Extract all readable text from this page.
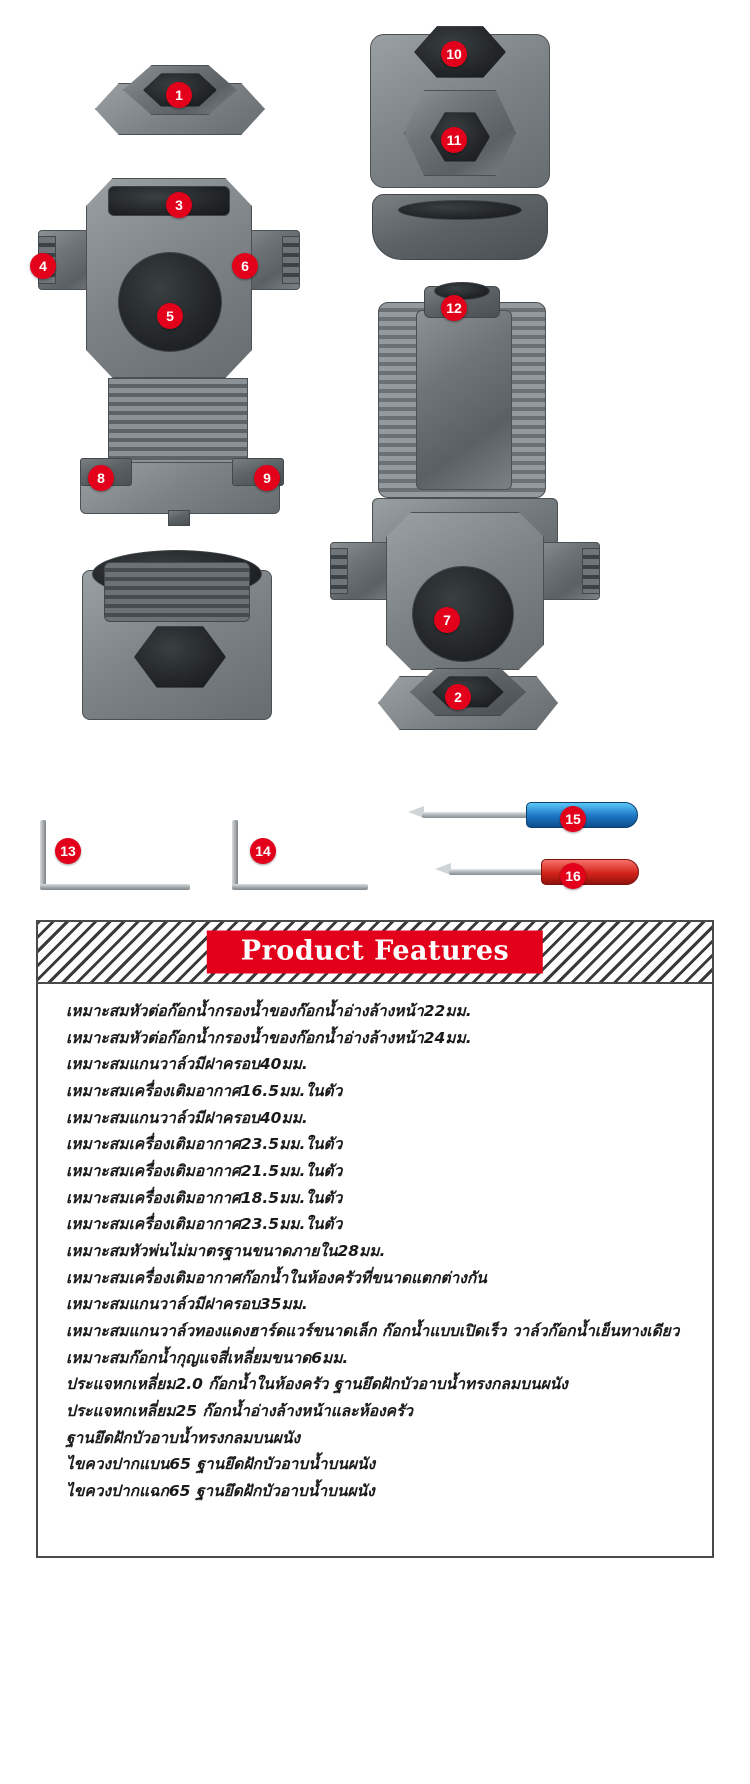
Product Features
เหมาะสมหัวต่อก๊อกน้ำกรองน้ำของก๊อกน้ำอ่างล้างหน้า22มม.
เหมาะสมหัวต่อก๊อกน้ำกรองน้ำของก๊อกน้ำอ่างล้างหน้า24มม.
เหมาะสมแกนวาล์วมีฝาครอบ40มม.
เหมาะสมเครื่องเติมอากาศ16.5มม.ในตัว
เหมาะสมแกนวาล์วมีฝาครอบ40มม.
เหมาะสมเครื่องเติมอากาศ23.5มม.ในตัว
เหมาะสมเครื่องเติมอากาศ21.5มม.ในตัว
เหมาะสมเครื่องเติมอากาศ18.5มม.ในตัว
เหมาะสมเครื่องเติมอากาศ23.5มม.ในตัว
เหมาะสมหัวพ่นไม่มาตรฐานขนาดภายใน28มม.
เหมาะสมเครื่องเติมอากาศก๊อกน้ำในห้องครัวที่ขนาดแตกต่างกัน
เหมาะสมแกนวาล์วมีฝาครอบ35มม.
เหมาะสมแกนวาล์วทองแดงฮาร์ดแวร์ขนาดเล็ก ก๊อกน้ำแบบเปิดเร็ว วาล์วก๊อกน้ำเย็นทางเดียว
เหมาะสมก๊อกน้ำกุญแจสี่เหลี่ยมขนาด6มม.
ประแจหกเหลี่ยม2.0 ก๊อกน้ำในห้องครัว ฐานยึดฝักบัวอาบน้ำทรงกลมบนผนัง
ประแจหกเหลี่ยม25 ก๊อกน้ำอ่างล้างหน้าและห้องครัว
ฐานยึดฝักบัวอาบน้ำทรงกลมบนผนัง
ไขควงปากแบน65 ฐานยึดฝักบัวอาบน้ำบนผนัง
ไขควงปากแฉก65 ฐานยึดฝักบัวอาบน้ำบนผนัง
1
3
4	6
5
8	9
10
11
12
7
2
13	14
15
16
